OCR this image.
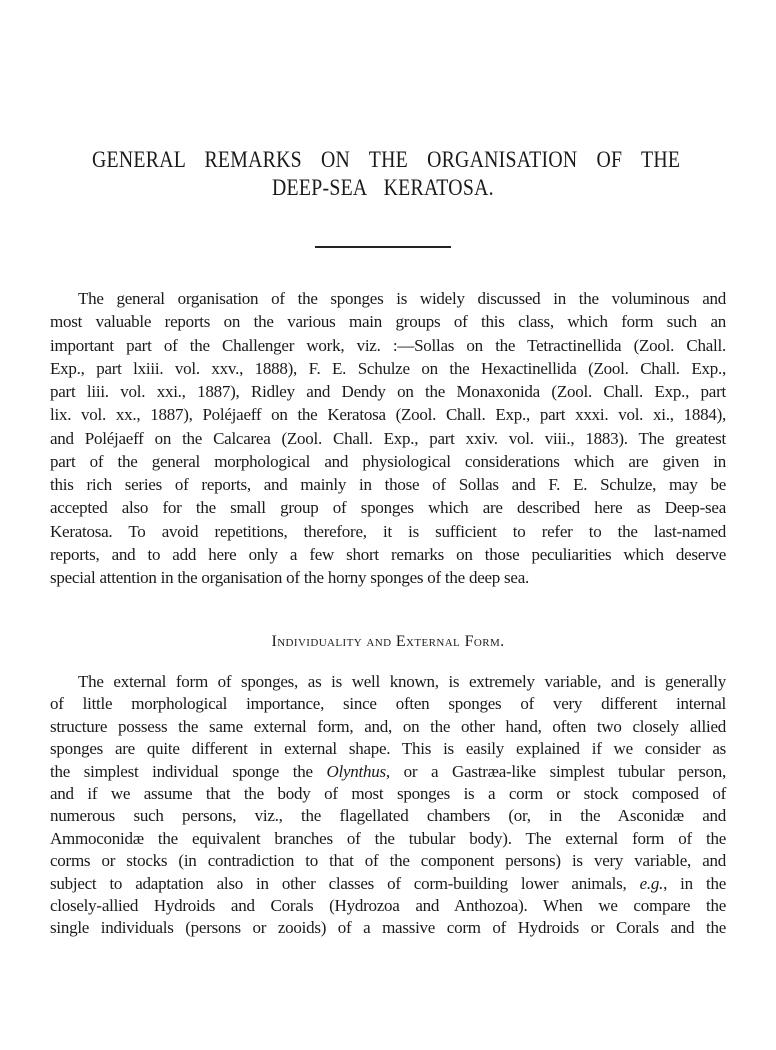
GENERAL REMARKS ON THE ORGANISATION OF THE
DEEP-SEA KERATOSA.
The general organisation of the sponges is widely discussed in the voluminous and
most valuable reports on the various main groups of this class, which form such an
important part of the Challenger work, viz. :—Sollas on the Tetractinellida (Zool. Chall.
Exp., part lxiii. vol. xxv., 1888), F. E. Schulze on the Hexactinellida (Zool. Chall. Exp.,
part liii. vol. xxi., 1887), Ridley and Dendy on the Monaxonida (Zool. Chall. Exp., part
lix. vol. xx., 1887), Poléjaeff on the Keratosa (Zool. Chall. Exp., part xxxi. vol. xi., 1884),
and Poléjaeff on the Calcarea (Zool. Chall. Exp., part xxiv. vol. viii., 1883). The greatest
part of the general morphological and physiological considerations which are given in
this rich series of reports, and mainly in those of Sollas and F. E. Schulze, may be
accepted also for the small group of sponges which are described here as Deep-sea
Keratosa. To avoid repetitions, therefore, it is sufficient to refer to the last-named
reports, and to add here only a few short remarks on those peculiarities which deserve
special attention in the organisation of the horny sponges of the deep sea.
Individuality and External Form.
The external form of sponges, as is well known, is extremely variable, and is generally
of little morphological importance, since often sponges of very different internal
structure possess the same external form, and, on the other hand, often two closely allied
sponges are quite different in external shape. This is easily explained if we consider as
the simplest individual sponge the Olynthus, or a Gastræa-like simplest tubular person,
and if we assume that the body of most sponges is a corm or stock composed of
numerous such persons, viz., the flagellated chambers (or, in the Asconidæ and
Ammoconidæ the equivalent branches of the tubular body). The external form of the
corms or stocks (in contradiction to that of the component persons) is very variable, and
subject to adaptation also in other classes of corm-building lower animals, e.g., in the
closely-allied Hydroids and Corals (Hydrozoa and Anthozoa). When we compare the
single individuals (persons or zooids) of a massive corm of Hydroids or Corals and the
